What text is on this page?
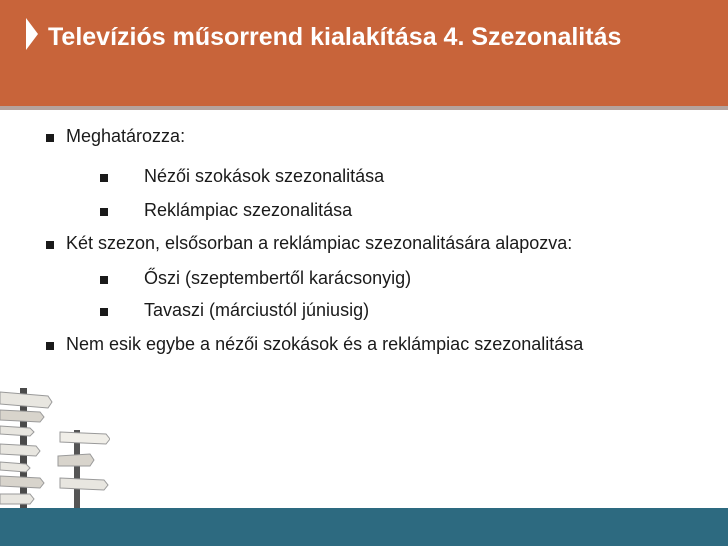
Televíziós műsorrend kialakítása 4. Szezonalitás
Meghatározza:
Nézői szokások szezonalitása
Reklámpiac szezonalitása
Két szezon, elsősorban a reklámpiac szezonalitására alapozva:
Őszi (szeptembertől karácsonyig)
Tavaszi (márciustól júniusig)
Nem esik egybe a nézői szokások és a reklámpiac szezonalitása
